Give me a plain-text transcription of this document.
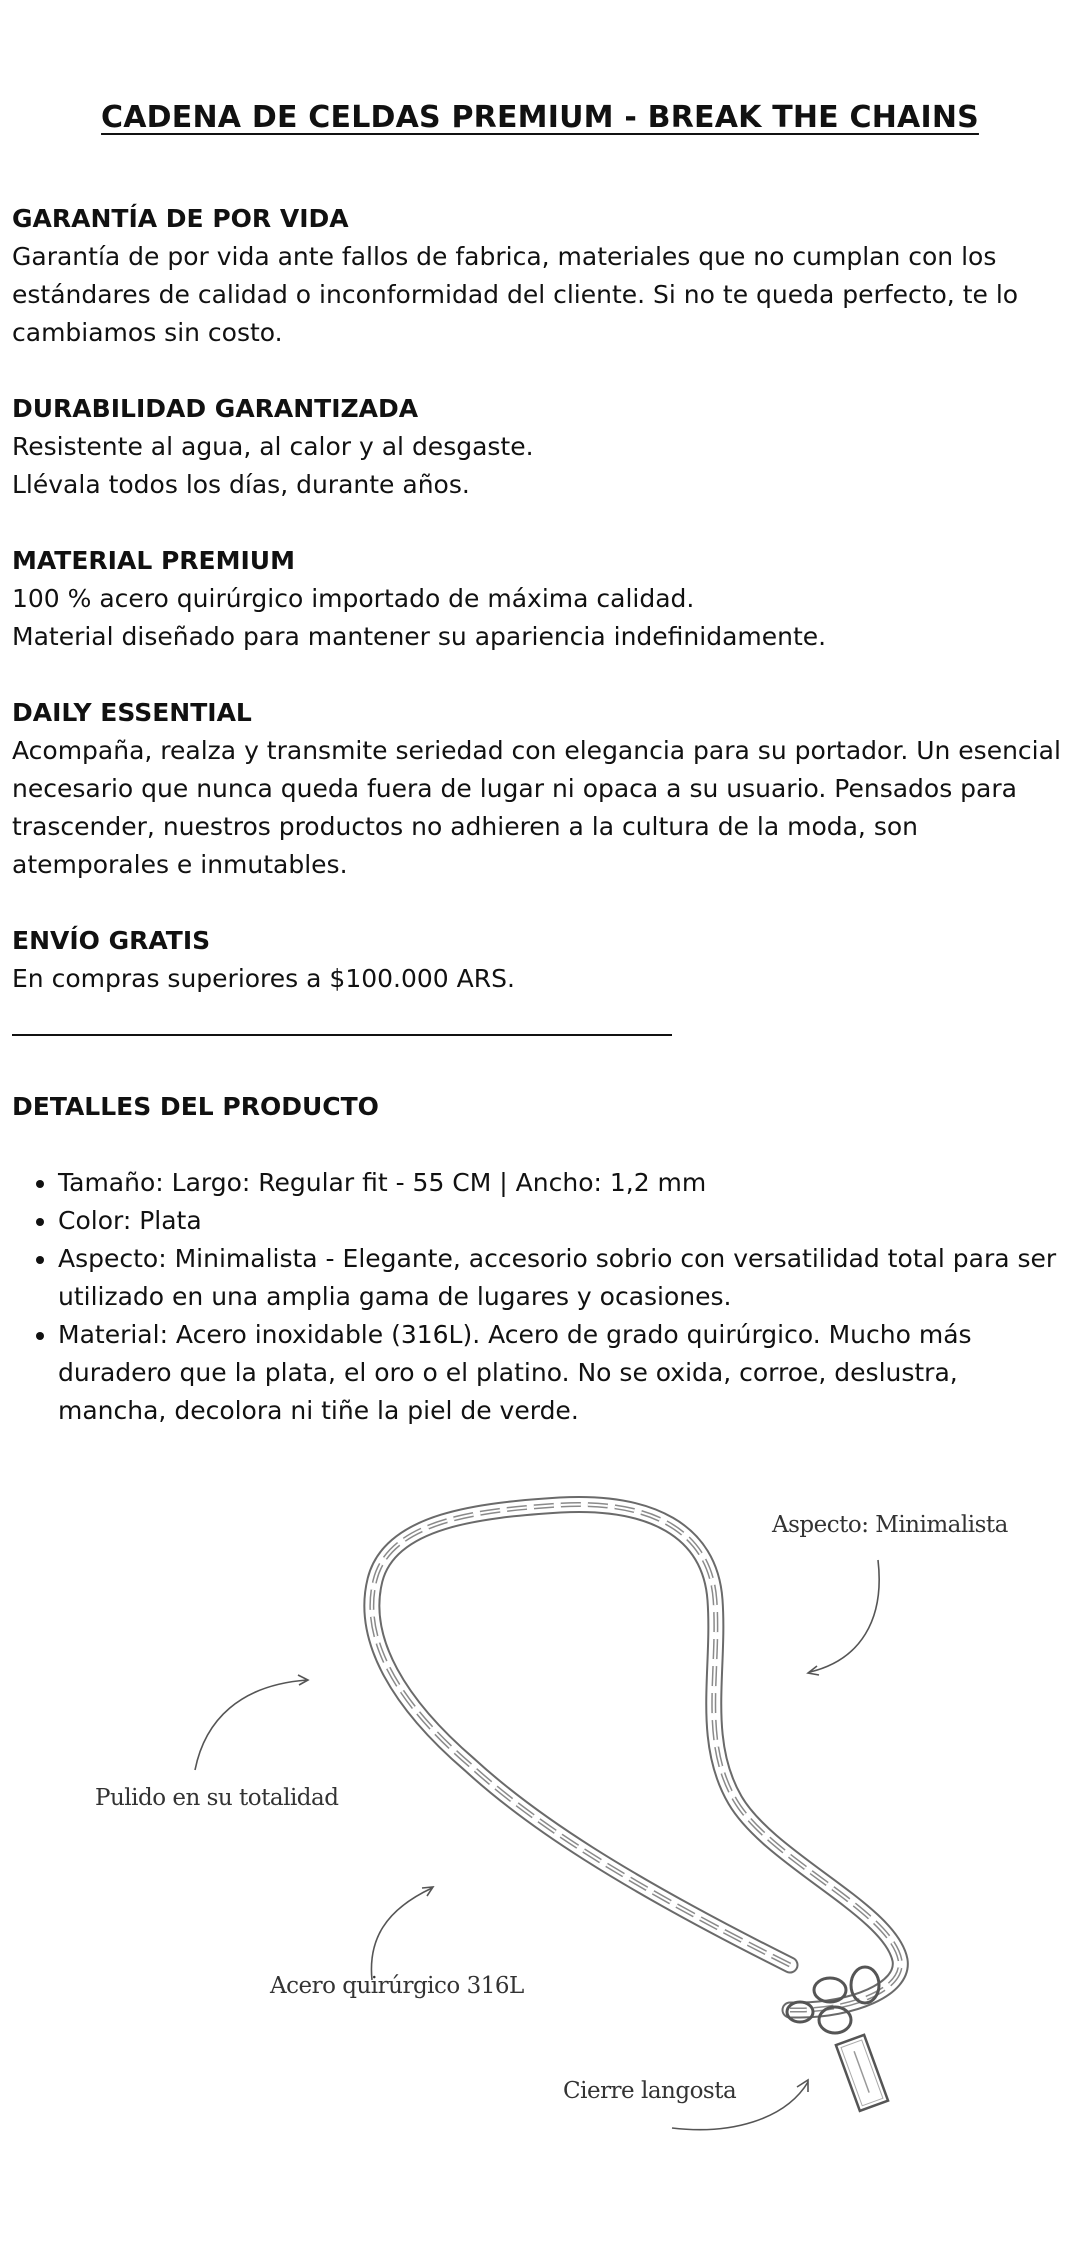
CADENA DE CELDAS PREMIUM - BREAK THE CHAINS
GARANTÍA DE POR VIDA

Garantía de por vida ante fallos de fabrica, materiales que no cumplan con los estándares de calidad o inconformidad del cliente. Si no te queda perfecto, te lo cambiamos sin costo.

DURABILIDAD GARANTIZADA

Resistente al agua, al calor y al desgaste.

Llévala todos los días, durante años.

MATERIAL PREMIUM

100 % acero quirúrgico importado de máxima calidad.

Material diseñado para mantener su apariencia indefinidamente.

DAILY ESSENTIAL

Acompaña, realza y transmite seriedad con elegancia para su portador. Un esencial necesario que nunca queda fuera de lugar ni opaca a su usuario. Pensados para trascender, nuestros productos no adhieren a la cultura de la moda, son atemporales e inmutables.

ENVÍO GRATIS

En compras superiores a $100.000 ARS.

DETALLES DEL PRODUCTO
• Tamaño: Largo: Regular fit - 55 CM | Ancho: 1,2 mm
• Color: Plata
• Aspecto: Minimalista - Elegante, accesorio sobrio con versatilidad total para ser utilizado en una amplia gama de lugares y ocasiones.
• Material: Acero inoxidable (316L). Acero de grado quirúrgico. Mucho más duradero que la plata, el oro o el platino. No se oxida, corroe, deslustra, mancha, decolora ni tiñe la piel de verde.
Aspecto: Minimalista
Pulido en su totalidad
Acero quirúrgico 316L
Cierre langosta
